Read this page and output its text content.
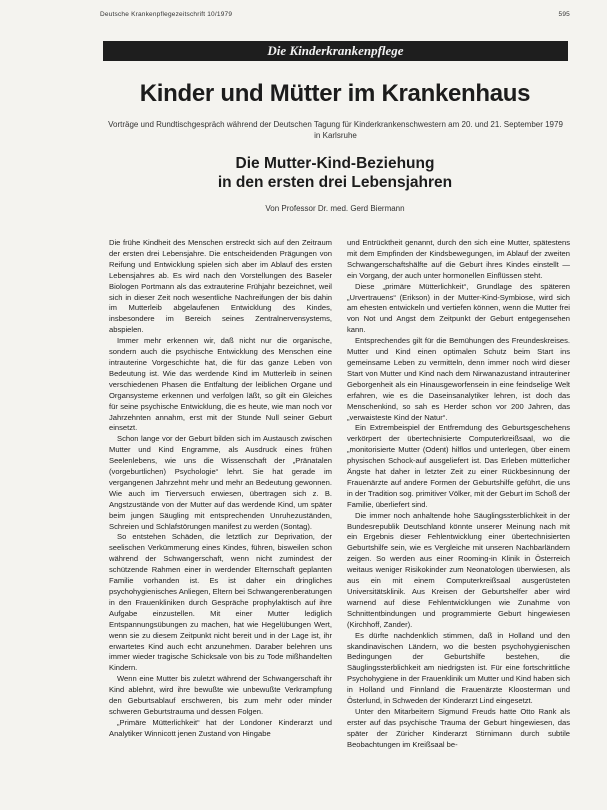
Deutsche Krankenpflegezeitschrift 10/1979	595
Die Kinderkrankenpflege
Kinder und Mütter im Krankenhaus
Vorträge und Rundtischgespräch während der Deutschen Tagung für Kinderkrankenschwestern am 20. und 21. September 1979 in Karlsruhe
Die Mutter-Kind-Beziehung
in den ersten drei Lebensjahren
Von Professor Dr. med. Gerd Biermann

Die frühe Kindheit des Menschen erstreckt sich auf den Zeitraum der ersten drei Lebensjahre. Die entscheidenden Prägungen von Reifung und Entwicklung spielen sich aber im Ablauf des ersten Lebensjahres ab. Es wird nach den Vorstellungen des Baseler Biologen Portmann als das extrauterine Frühjahr bezeichnet, weil sich in dieser Zeit noch wesentliche Nachreifungen der bis dahin im Mutterleib abgelaufenen Entwicklung des Kindes, insbesondere im Bereich seines Zentralnervensystems, abspielen.

Immer mehr erkennen wir, daß nicht nur die organische, sondern auch die psychische Entwicklung des Menschen eine intrauterine Vorgeschichte hat, die für das ganze Leben von Bedeutung ist. Wie das werdende Kind im Mutterleib in seinen verschiedenen Phasen die Entfaltung der leiblichen Organe und Organsysteme erkennen und verfolgen läßt, so gilt ein Gleiches für seine psychische Entwicklung, die es heute, wie man noch vor Jahrzehnten annahm, erst mit der Stunde Null seiner Geburt einsetzt.

Schon lange vor der Geburt bilden sich im Austausch zwischen Mutter und Kind Engramme, als Ausdruck eines frühen Seelenlebens, wie uns die Wissenschaft der „Pränatalen (vorgeburtlichen) Psychologie“ lehrt. Sie hat gerade im vergangenen Jahrzehnt mehr und mehr an Bedeutung gewonnen. Wie auch im Tierversuch erwiesen, übertragen sich z. B. Angstzustände von der Mutter auf das werdende Kind, um später beim jungen Säugling mit entsprechenden Unruhezuständen, Schreien und Schlafstörungen manifest zu werden (Sontag).

So entstehen Schäden, die letztlich zur Deprivation, der seelischen Verkümmerung eines Kindes, führen, bisweilen schon während der Schwangerschaft, wenn nicht zumindest der schützende Rahmen einer in werdender Elternschaft geplanten Familie vorhanden ist. Es ist daher ein dringliches psychohygienisches Anliegen, Eltern bei Schwangerenberatungen in den Frauenkliniken durch Gespräche prophylaktisch auf ihre Aufgabe einzustellen. Mit einer Mutter lediglich Entspannungsübungen zu machen, hat wie Hegelübungen Wert, wenn sie zu diesem Zeitpunkt nicht bereit und in der Lage ist, ihr erwartetes Kind auch echt anzunehmen. Daraber belehren uns immer wieder tragische Schicksale von bis zu Tode mißhandelten Kindern.

Wenn eine Mutter bis zuletzt während der Schwangerschaft ihr Kind ablehnt, wird ihre bewußte wie unbewußte Verkrampfung den Geburtsablauf erschweren, bis zum mehr oder minder schweren Geburtstrauma und dessen Folgen.

„Primäre Mütterlichkeit“ hat der Londoner Kinderarzt und Analytiker Winnicott jenen Zustand von Hingabe

und Entrücktheit genannt, durch den sich eine Mutter, spätestens mit dem Empfinden der Kindsbewegungen, im Ablauf der zweiten Schwangerschaftshälfte auf die Geburt ihres Kindes einstellt — ein Vorgang, der auch unter hormonellen Einflüssen steht.

Diese „primäre Mütterlichkeit“, Grundlage des späteren „Urvertrauens“ (Erikson) in der Mutter-Kind-Symbiose, wird sich am ehesten entwickeln und vertiefen können, wenn die Mutter frei von Not und Angst dem Zeitpunkt der Geburt entgegensehen kann.

Entsprechendes gilt für die Bemühungen des Freundeskreises. Mutter und Kind einen optimalen Schutz beim Start ins gemeinsame Leben zu vermitteln, denn immer noch wird dieser Start von Mutter und Kind nach dem Nirwanazustand intrauteriner Geborgenheit als ein Hinausgeworfensein in eine feindselige Welt erfahren, wie es die Daseinsanalytiker lehren, ist doch das Menschenkind, so sah es Herder schon vor 200 Jahren, das „verwaisteste Kind der Natur“.

Ein Extrembeispiel der Entfremdung des Geburtsgeschehens verkörpert der übertechnisierte Computerkreißsaal, wo die „monitorisierte Mutter (Odent) hilflos und unterlegen, über einem physischen Schock-auf ausgeliefert ist. Das Erleben mütterlicher Ängste hat daher in letzter Zeit zu einer Rückbesinnung der Frauenärzte auf andere Formen der Geburtshilfe geführt, die uns in der Tradition sog. primitiver Völker, mit der Geburt im Schoß der Familie, überliefert sind.

Die immer noch anhaltende hohe Säuglingssterblichkeit in der Bundesrepublik Deutschland könnte unserer Meinung nach mit ein Ergebnis dieser Fehlentwicklung einer übertechnisierten Geburtshilfe sein, wie es Vergleiche mit unseren Nachbarländern zeigen. So werden aus einer Rooming-in Klinik in Österreich weitaus weniger Risikokinder zum Neonatologen überwiesen, als aus ein mit einem Computerkreißsaal ausgerüsteten Universitätsklinik. Aus Kreisen der Geburtshelfer aber wird warnend auf diese Fehlentwicklungen wie Zunahme von Schnittentbindungen und programmierte Geburt hingewiesen (Kirchhoff, Zander).

Es dürfte nachdenklich stimmen, daß in Holland und den skandinavischen Ländern, wo die besten psychohygienischen Bedingungen der Geburtshilfe bestehen, die Säuglingssterblichkeit am niedrigsten ist. Für eine fortschrittliche Psychohygiene in der Frauenklinik um Mutter und Kind haben sich in Holland und Finnland die Frauenärzte Kloosterman und Österlund, in Schweden der Kinderarzt Lind eingesetzt.

Unter den Mitarbeitern Sigmund Freuds hatte Otto Rank als erster auf das psychische Trauma der Geburt hingewiesen, das später der Züricher Kinderarzt Stirnimann durch subtile Beobachtungen im Kreißsaal be-
